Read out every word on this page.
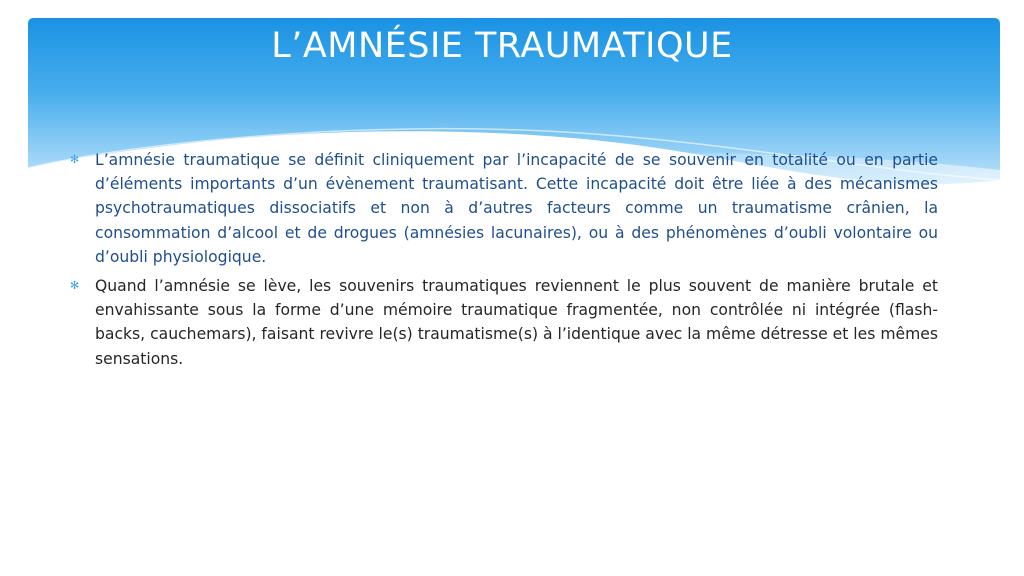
L’AMNÉSIE TRAUMATIQUE
✻ L’amnésie traumatique se définit cliniquement par l’incapacité de se souvenir en totalité ou en partie d’éléments importants d’un évènement traumatisant. Cette incapacité doit être liée à des mécanismes psychotraumatiques dissociatifs et non à d’autres facteurs comme un traumatisme crânien, la consommation d’alcool et de drogues (amnésies lacunaires), ou à des phénomènes d’oubli volontaire ou d’oubli physiologique.
✻ Quand l’amnésie se lève, les souvenirs traumatiques reviennent le plus souvent de manière brutale et envahissante sous la forme d’une mémoire traumatique fragmentée, non contrôlée ni intégrée (flash-backs, cauchemars), faisant revivre le(s) traumatisme(s) à l’identique avec la même détresse et les mêmes sensations.
